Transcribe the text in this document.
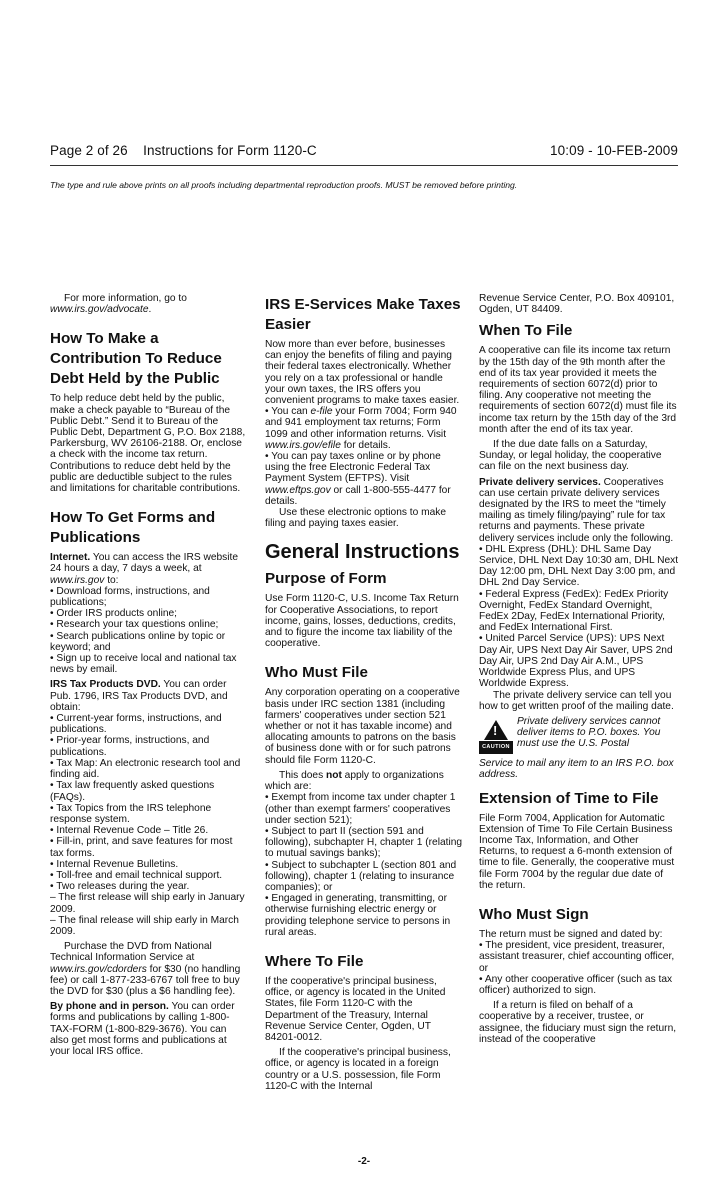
Page 2 of 26    Instructions for Form 1120-C	10:09 - 10-FEB-2009
The type and rule above prints on all proofs including departmental reproduction proofs. MUST be removed before printing.

For more information, go to www.irs.gov/advocate.

How To Make a Contribution To Reduce Debt Held by the Public

To help reduce debt held by the public, make a check payable to “Bureau of the Public Debt.” Send it to Bureau of the Public Debt, Department G, P.O. Box 2188, Parkersburg, WV 26106-2188. Or, enclose a check with the income tax return. Contributions to reduce debt held by the public are deductible subject to the rules and limitations for charitable contributions.

How To Get Forms and Publications

Internet. You can access the IRS website 24 hours a day, 7 days a week, at www.irs.gov to:

• Download forms, instructions, and publications;

• Order IRS products online;

• Research your tax questions online;

• Search publications online by topic or keyword; and

• Sign up to receive local and national tax news by email.

IRS Tax Products DVD. You can order Pub. 1796, IRS Tax Products DVD, and obtain:

• Current-year forms, instructions, and publications.

• Prior-year forms, instructions, and publications.

• Tax Map: An electronic research tool and finding aid.

• Tax law frequently asked questions (FAQs).

• Tax Topics from the IRS telephone response system.

• Internal Revenue Code – Title 26.

• Fill-in, print, and save features for most tax forms.

• Internal Revenue Bulletins.

• Toll-free and email technical support.

• Two releases during the year.

– The first release will ship early in January 2009.

– The final release will ship early in March 2009.

Purchase the DVD from National Technical Information Service at www.irs.gov/cdorders for $30 (no handling fee) or call 1-877-233-6767 toll free to buy the DVD for $30 (plus a $6 handling fee).

By phone and in person. You can order forms and publications by calling 1-800-TAX-FORM (1-800-829-3676). You can also get most forms and publications at your local IRS office.

IRS E-Services Make Taxes Easier

Now more than ever before, businesses can enjoy the benefits of filing and paying their federal taxes electronically. Whether you rely on a tax professional or handle your own taxes, the IRS offers you convenient programs to make taxes easier.

• You can e-file your Form 7004; Form 940 and 941 employment tax returns; Form 1099 and other information returns. Visit www.irs.gov/efile for details.

• You can pay taxes online or by phone using the free Electronic Federal Tax Payment System (EFTPS). Visit www.eftps.gov or call 1-800-555-4477 for details.

Use these electronic options to make filing and paying taxes easier.

General Instructions
Purpose of Form

Use Form 1120-C, U.S. Income Tax Return for Cooperative Associations, to report income, gains, losses, deductions, credits, and to figure the income tax liability of the cooperative.

Who Must File

Any corporation operating on a cooperative basis under IRC section 1381 (including farmers' cooperatives under section 521 whether or not it has taxable income) and allocating amounts to patrons on the basis of business done with or for such patrons should file Form 1120-C.

This does not apply to organizations which are:

• Exempt from income tax under chapter 1 (other than exempt farmers' cooperatives under section 521);

• Subject to part II (section 591 and following), subchapter H, chapter 1 (relating to mutual savings banks);

• Subject to subchapter L (section 801 and following), chapter 1 (relating to insurance companies); or

• Engaged in generating, transmitting, or otherwise furnishing electric energy or providing telephone service to persons in rural areas.

Where To File

If the cooperative's principal business, office, or agency is located in the United States, file Form 1120-C with the Department of the Treasury, Internal Revenue Service Center, Ogden, UT 84201-0012.

If the cooperative's principal business, office, or agency is located in a foreign country or a U.S. possession, file Form 1120-C with the Internal

Revenue Service Center, P.O. Box 409101, Ogden, UT 84409.

When To File

A cooperative can file its income tax return by the 15th day of the 9th month after the end of its tax year provided it meets the requirements of section 6072(d) prior to filing. Any cooperative not meeting the requirements of section 6072(d) must file its income tax return by the 15th day of the 3rd month after the end of its tax year.

If the due date falls on a Saturday, Sunday, or legal holiday, the cooperative can file on the next business day.

Private delivery services. Cooperatives can use certain private delivery services designated by the IRS to meet the “timely mailing as timely filing/paying” rule for tax returns and payments. These private delivery services include only the following.

• DHL Express (DHL): DHL Same Day Service, DHL Next Day 10:30 am, DHL Next Day 12:00 pm, DHL Next Day 3:00 pm, and DHL 2nd Day Service.

• Federal Express (FedEx): FedEx Priority Overnight, FedEx Standard Overnight, FedEx 2Day, FedEx International Priority, and FedEx International First.

• United Parcel Service (UPS): UPS Next Day Air, UPS Next Day Air Saver, UPS 2nd Day Air, UPS 2nd Day Air A.M., UPS Worldwide Express Plus, and UPS Worldwide Express.

The private delivery service can tell you how to get written proof of the mailing date.

!
CAUTION
Private delivery services cannot deliver items to P.O. boxes. You must use the U.S. Postal

Service to mail any item to an IRS P.O. box address.

Extension of Time to File

File Form 7004, Application for Automatic Extension of Time To File Certain Business Income Tax, Information, and Other Returns, to request a 6-month extension of time to file. Generally, the cooperative must file Form 7004 by the regular due date of the return.

Who Must Sign

The return must be signed and dated by:

• The president, vice president, treasurer, assistant treasurer, chief accounting officer, or

• Any other cooperative officer (such as tax officer) authorized to sign.

If a return is filed on behalf of a cooperative by a receiver, trustee, or assignee, the fiduciary must sign the return, instead of the cooperative

-2-
